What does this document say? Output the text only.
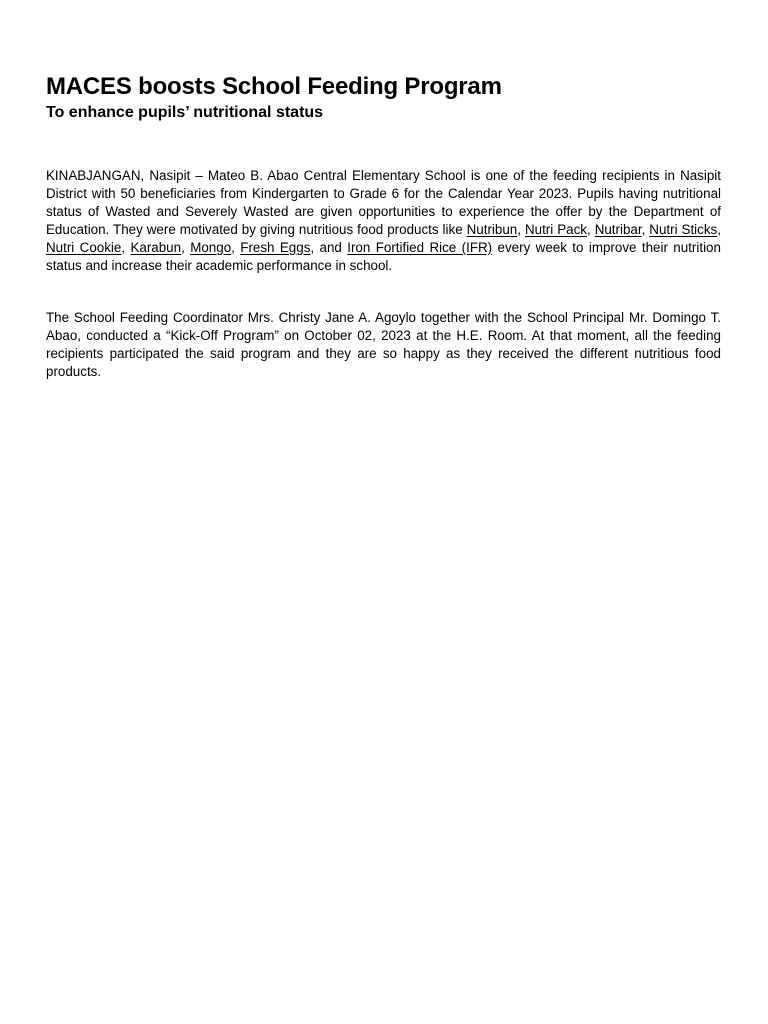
MACES boosts School Feeding Program
To enhance pupils’ nutritional status

KINABJANGAN, Nasipit – Mateo B. Abao Central Elementary School is one of the feeding recipients in Nasipit District with 50 beneficiaries from Kindergarten to Grade 6 for the Calendar Year 2023. Pupils having nutritional status of Wasted and Severely Wasted are given opportunities to experience the offer by the Department of Education. They were motivated by giving nutritious food products like Nutribun, Nutri Pack, Nutribar, Nutri Sticks, Nutri Cookie, Karabun, Mongo, Fresh Eggs, and Iron Fortified Rice (IFR) every week to improve their nutrition status and increase their academic performance in school.

The School Feeding Coordinator Mrs. Christy Jane A. Agoylo together with the School Principal Mr. Domingo T. Abao, conducted a “Kick-Off Program” on October 02, 2023 at the H.E. Room. At that moment, all the feeding recipients participated the said program and they are so happy as they received the different nutritious food products.
